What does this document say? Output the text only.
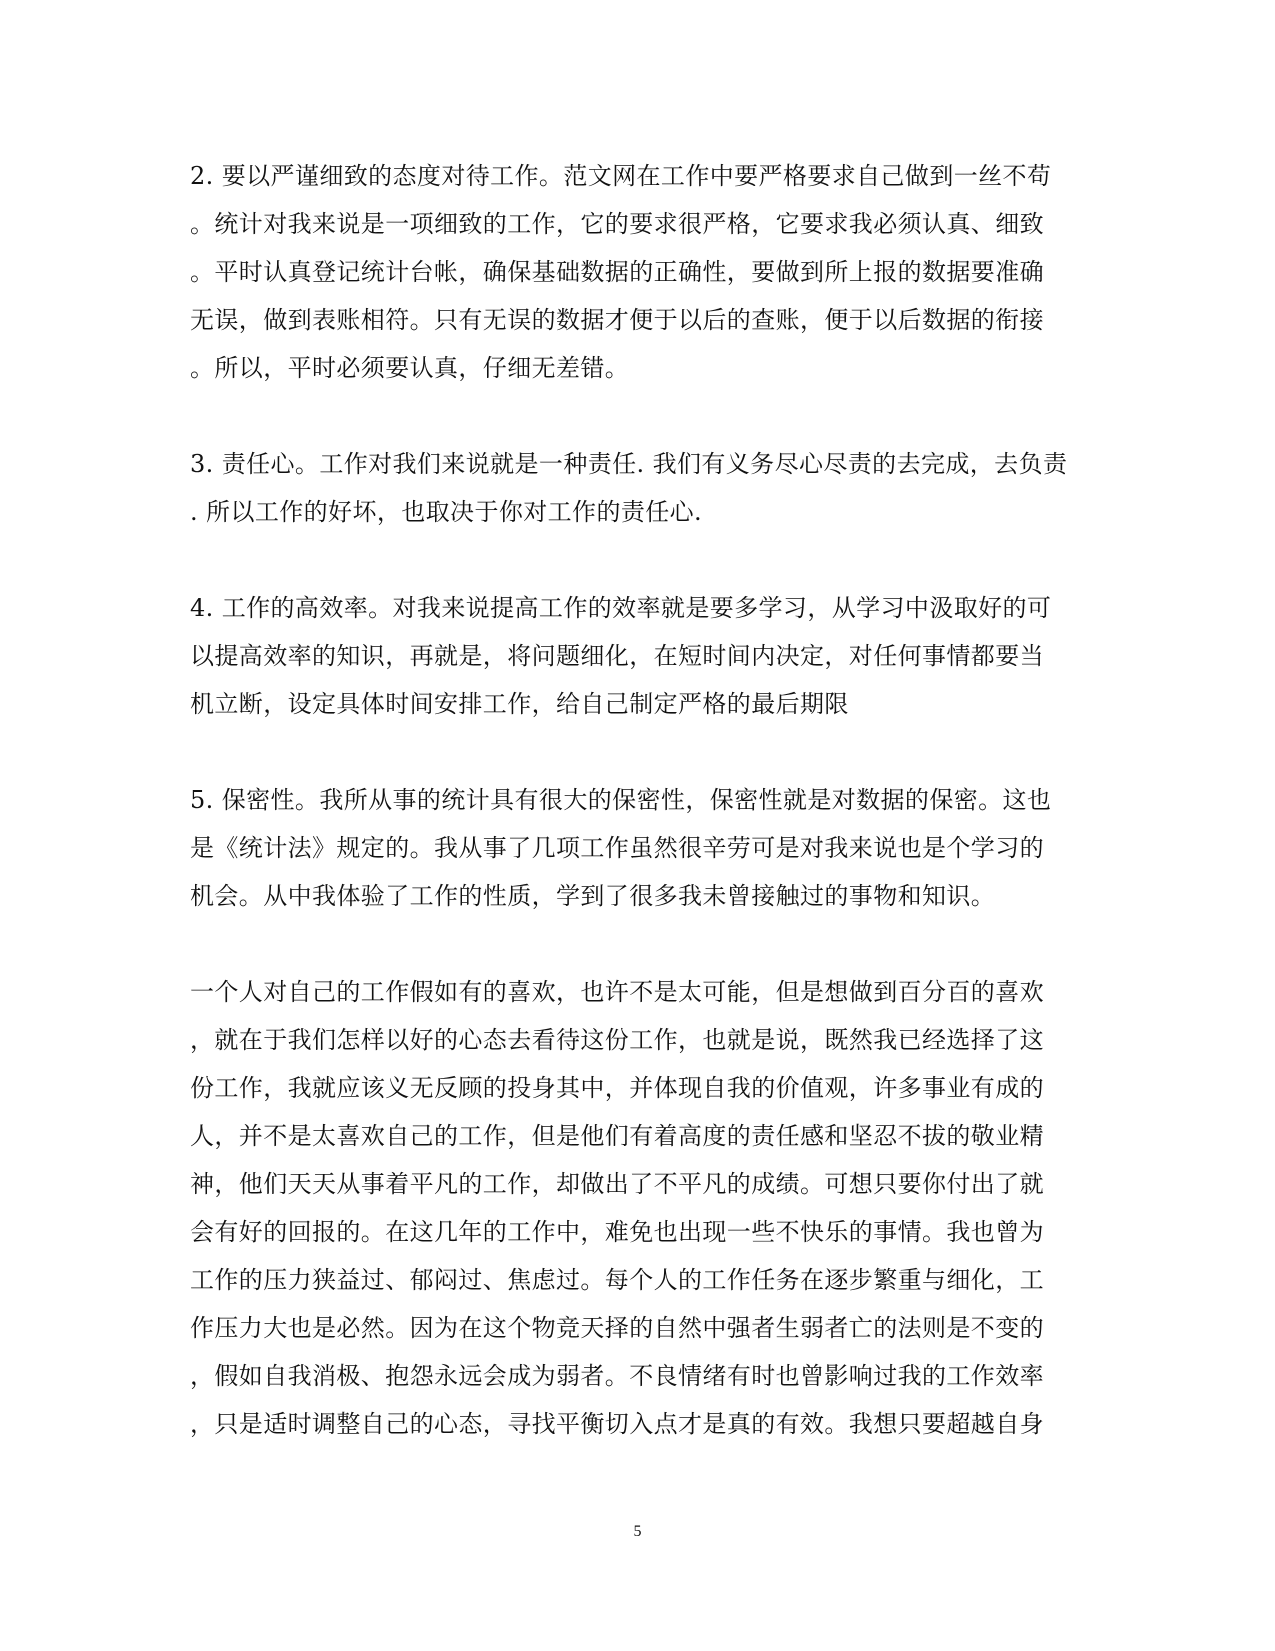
2. 要以严谨细致的态度对待工作。范文网在工作中要严格要求自己做到一丝不苟
。统计对我来说是一项细致的工作，它的要求很严格，它要求我必须认真、细致
。平时认真登记统计台帐，确保基础数据的正确性，要做到所上报的数据要准确
无误，做到表账相符。只有无误的数据才便于以后的查账，便于以后数据的衔接
。所以，平时必须要认真，仔细无差错。

3. 责任心。工作对我们来说就是一种责任. 我们有义务尽心尽责的去完成，去负责
. 所以工作的好坏，也取决于你对工作的责任心.

4. 工作的高效率。对我来说提高工作的效率就是要多学习，从学习中汲取好的可
以提高效率的知识，再就是，将问题细化，在短时间内决定，对任何事情都要当
机立断，设定具体时间安排工作，给自己制定严格的最后期限

5. 保密性。我所从事的统计具有很大的保密性，保密性就是对数据的保密。这也
是《统计法》规定的。我从事了几项工作虽然很辛劳可是对我来说也是个学习的
机会。从中我体验了工作的性质，学到了很多我未曾接触过的事物和知识。

一个人对自己的工作假如有的喜欢，也许不是太可能，但是想做到百分百的喜欢
，就在于我们怎样以好的心态去看待这份工作，也就是说，既然我已经选择了这
份工作，我就应该义无反顾的投身其中，并体现自我的价值观，许多事业有成的
人，并不是太喜欢自己的工作，但是他们有着高度的责任感和坚忍不拔的敬业精
神，他们天天从事着平凡的工作，却做出了不平凡的成绩。可想只要你付出了就
会有好的回报的。在这几年的工作中，难免也出现一些不快乐的事情。我也曾为
工作的压力狭益过、郁闷过、焦虑过。每个人的工作任务在逐步繁重与细化，工
作压力大也是必然。因为在这个物竞天择的自然中强者生弱者亡的法则是不变的
，假如自我消极、抱怨永远会成为弱者。不良情绪有时也曾影响过我的工作效率
，只是适时调整自己的心态，寻找平衡切入点才是真的有效。我想只要超越自身

5
